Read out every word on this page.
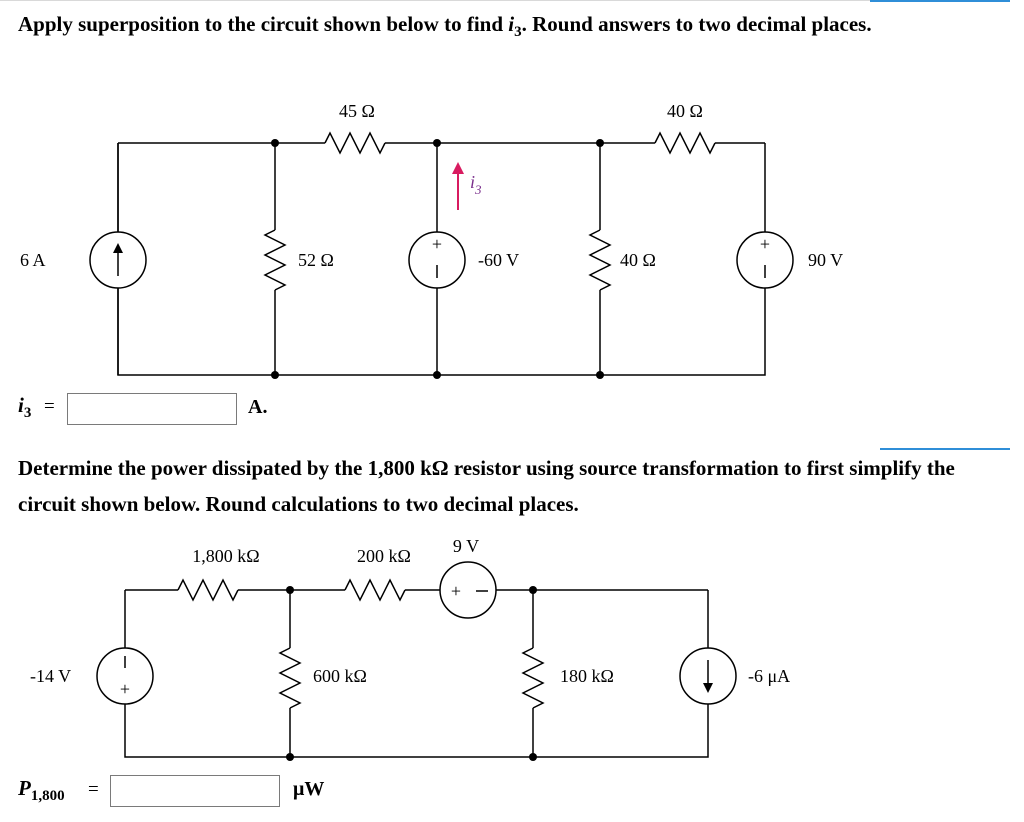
Apply superposition to the circuit shown below to find $i_3$. Round answers to two decimal places.
+	+
$i_3$
45 Ω	40 Ω
6 A	52 Ω	-60 V	40 Ω	90 V
$i_3$ =	A.
Determine the power dissipated by the 1,800 kΩ resistor using source transformation to first simplify the circuit shown below. Round calculations to two decimal places.
+
+
1,800 kΩ	200 kΩ 9 V
-14 V	600 kΩ	180 kΩ	-6 μA
$P_{1,800}$ =	μW
